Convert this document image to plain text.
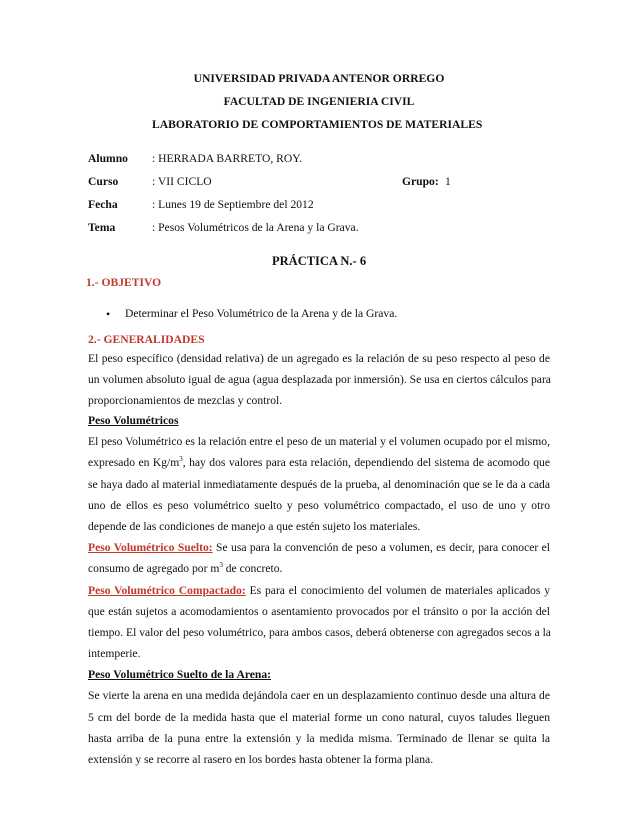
UNIVERSIDAD PRIVADA ANTENOR ORREGO
FACULTAD DE INGENIERIA CIVIL
LABORATORIO DE COMPORTAMIENTOS DE MATERIALES
Alumno : HERRADA BARRETO, ROY.
Curso	: VII CICLO	Grupo: 1
Fecha	: Lunes 19 de Septiembre del 2012
Tema	: Pesos Volumétricos de la Arena y la Grava.
PRÁCTICA N.- 6
1.- OBJETIVO
• Determinar el Peso Volumétrico de la Arena y de la Grava.
2.- GENERALIDADES
El peso específico (densidad relativa) de un agregado es la relación de su peso respecto al peso de
un volumen absoluto igual de agua (agua desplazada por inmersión). Se usa en ciertos cálculos para
proporcionamientos de mezclas y control.
Peso Volumétricos
El peso Volumétrico es la relación entre el peso de un material y el volumen ocupado por el mismo,
expresado en $Kg/m^3$, hay dos valores para esta relación, dependiendo del sistema de acomodo que
se haya dado al material inmediatamente después de la prueba, al denominación que se le da a cada
uno de ellos es peso volumétrico suelto y peso volumétrico compactado, el uso de uno y otro
depende de las condiciones de manejo a que estén sujeto los materiales.
Peso Volumétrico Suelto: Se usa para la convención de peso a volumen, es decir, para conocer el
consumo de agregado por $m^3$ de concreto.
Peso Volumétrico Compactado: Es para el conocimiento del volumen de materiales aplicados y
que están sujetos a acomodamientos o asentamiento provocados por el tránsito o por la acción del
tiempo. El valor del peso volumétrico, para ambos casos, deberá obtenerse con agregados secos a la
intemperie.
Peso Volumétrico Suelto de la Arena:
Se vierte la arena en una medida dejándola caer en un desplazamiento continuo desde una altura de
5 cm del borde de la medida hasta que el material forme un cono natural, cuyos taludes lleguen
hasta arriba de la puna entre la extensión y la medida misma. Terminado de llenar se quita la
extensión y se recorre al rasero en los bordes hasta obtener la forma plana.
